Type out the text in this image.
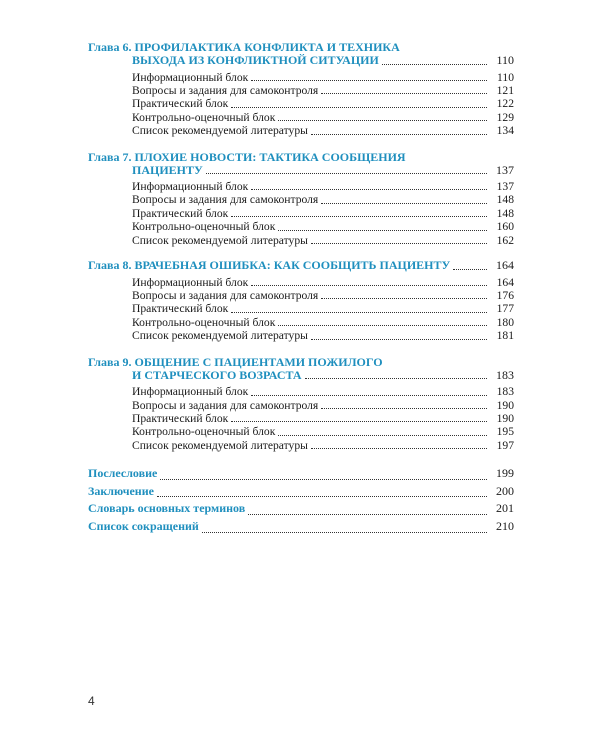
Глава 6. ПРОФИЛАКТИКА КОНФЛИКТА И ТЕХНИКА
ВЫХОДА ИЗ КОНФЛИКТНОЙ СИТУАЦИИ	110
Информационный блок	110
Вопросы и задания для самоконтроля	121
Практический блок	122
Контрольно-оценочный блок	129
Список рекомендуемой литературы	134
Глава 7. ПЛОХИЕ НОВОСТИ: ТАКТИКА СООБЩЕНИЯ
ПАЦИЕНТУ	137
Информационный блок	137
Вопросы и задания для самоконтроля	148
Практический блок	148
Контрольно-оценочный блок	160
Список рекомендуемой литературы	162
Глава 8. ВРАЧЕБНАЯ ОШИБКА: КАК СООБЩИТЬ ПАЦИЕНТУ	164
Информационный блок	164
Вопросы и задания для самоконтроля	176
Практический блок	177
Контрольно-оценочный блок	180
Список рекомендуемой литературы	181
Глава 9. ОБЩЕНИЕ С ПАЦИЕНТАМИ ПОЖИЛОГО
И СТАРЧЕСКОГО ВОЗРАСТА	183
Информационный блок	183
Вопросы и задания для самоконтроля	190
Практический блок	190
Контрольно-оценочный блок	195
Список рекомендуемой литературы	197
Послесловие	199
Заключение	200
Словарь основных терминов	201
Список сокращений	210
4
